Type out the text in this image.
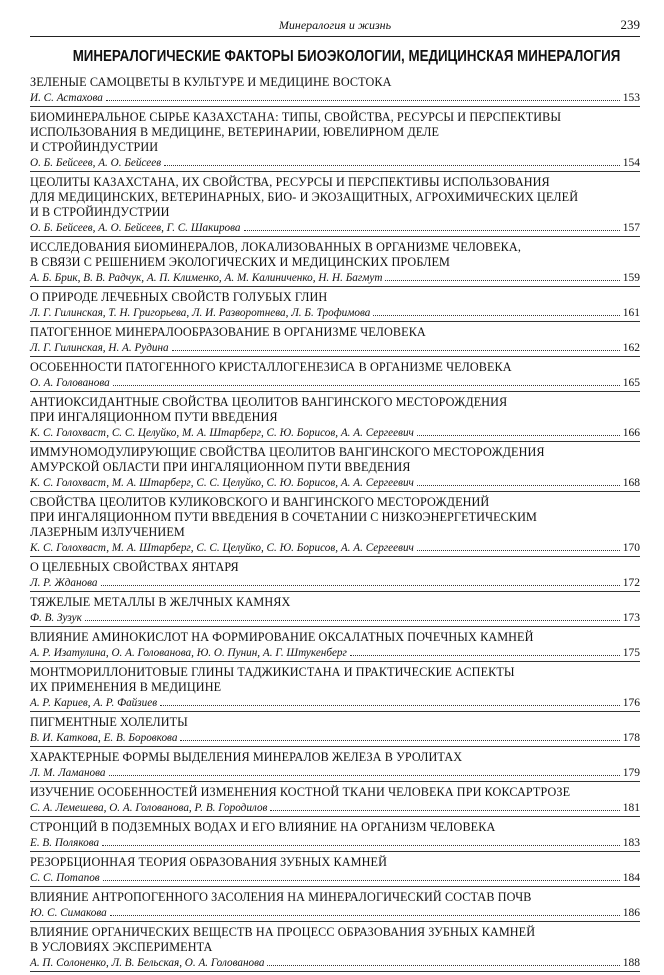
Минералогия и жизнь	239
МИНЕРАЛОГИЧЕСКИЕ ФАКТОРЫ БИОЭКОЛОГИИ, МЕДИЦИНСКАЯ МИНЕРАЛОГИЯ
ЗЕЛЕНЫЕ САМОЦВЕТЫ В КУЛЬТУРЕ И МЕДИЦИНЕ ВОСТОКА
И. С. Астахова	153
БИОМИНЕРАЛЬНОЕ СЫРЬЕ КАЗАХСТАНА: ТИПЫ, СВОЙСТВА, РЕСУРСЫ И ПЕРСПЕКТИВЫ
ИСПОЛЬЗОВАНИЯ В МЕДИЦИНЕ, ВЕТЕРИНАРИИ, ЮВЕЛИРНОМ ДЕЛЕ
И СТРОЙИНДУСТРИИ
О. Б. Бейсеев, А. О. Бейсеев	154
ЦЕОЛИТЫ КАЗАХСТАНА, ИХ СВОЙСТВА, РЕСУРСЫ И ПЕРСПЕКТИВЫ ИСПОЛЬЗОВАНИЯ
ДЛЯ МЕДИЦИНСКИХ, ВЕТЕРИНАРНЫХ, БИО- И ЭКОЗАЩИТНЫХ, АГРОХИМИЧЕСКИХ ЦЕЛЕЙ
И В СТРОЙИНДУСТРИИ
О. Б. Бейсеев, А. О. Бейсеев, Г. С. Шакирова	157
ИССЛЕДОВАНИЯ БИОМИНЕРАЛОВ, ЛОКАЛИЗОВАННЫХ В ОРГАНИЗМЕ ЧЕЛОВЕКА,
В СВЯЗИ С РЕШЕНИЕМ ЭКОЛОГИЧЕСКИХ И МЕДИЦИНСКИХ ПРОБЛЕМ
А. Б. Брик, В. В. Радчук, А. П. Клименко, А. М. Калиниченко, Н. Н. Багмут	159
О ПРИРОДЕ ЛЕЧЕБНЫХ СВОЙСТВ ГОЛУБЫХ ГЛИН
Л. Г. Гилинская, Т. Н. Григорьева, Л. И. Разворотнева, Л. Б. Трофимова	161
ПАТОГЕННОЕ МИНЕРАЛООБРАЗОВАНИЕ В ОРГАНИЗМЕ ЧЕЛОВЕКА
Л. Г. Гилинская, Н. А. Рудина	162
ОСОБЕННОСТИ ПАТОГЕННОГО КРИСТАЛЛОГЕНЕЗИСА В ОРГАНИЗМЕ ЧЕЛОВЕКА
О. А. Голованова	165
АНТИОКСИДАНТНЫЕ СВОЙСТВА ЦЕОЛИТОВ ВАНГИНСКОГО МЕСТОРОЖДЕНИЯ
ПРИ ИНГАЛЯЦИОННОМ ПУТИ ВВЕДЕНИЯ
К. С. Голохваст, С. С. Целуйко, М. А. Штарберг, С. Ю. Борисов, А. А. Сергеевич	166
ИММУНОМОДУЛИРУЮЩИЕ СВОЙСТВА ЦЕОЛИТОВ ВАНГИНСКОГО МЕСТОРОЖДЕНИЯ
АМУРСКОЙ ОБЛАСТИ ПРИ ИНГАЛЯЦИОННОМ ПУТИ ВВЕДЕНИЯ
К. С. Голохваст, М. А. Штарберг, С. С. Целуйко, С. Ю. Борисов, А. А. Сергеевич	168
СВОЙСТВА ЦЕОЛИТОВ КУЛИКОВСКОГО И ВАНГИНСКОГО МЕСТОРОЖДЕНИЙ
ПРИ ИНГАЛЯЦИОННОМ ПУТИ ВВЕДЕНИЯ В СОЧЕТАНИИ С НИЗКОЭНЕРГЕТИЧЕСКИМ
ЛАЗЕРНЫМ ИЗЛУЧЕНИЕМ
К. С. Голохваст, М. А. Штарберг, С. С. Целуйко, С. Ю. Борисов, А. А. Сергеевич	170
О ЦЕЛЕБНЫХ СВОЙСТВАХ ЯНТАРЯ
Л. Р. Жданова	172
ТЯЖЕЛЫЕ МЕТАЛЛЫ В ЖЕЛЧНЫХ КАМНЯХ
Ф. В. Зузук	173
ВЛИЯНИЕ АМИНОКИСЛОТ НА ФОРМИРОВАНИЕ ОКСАЛАТНЫХ ПОЧЕЧНЫХ КАМНЕЙ
А. Р. Изатулина, О. А. Голованова, Ю. О. Пунин, А. Г. Штукенберг	175
МОНТМОРИЛЛОНИТОВЫЕ ГЛИНЫ ТАДЖИКИСТАНА И ПРАКТИЧЕСКИЕ АСПЕКТЫ
ИХ ПРИМЕНЕНИЯ В МЕДИЦИНЕ
А. Р. Кариев, А. Р. Файзиев	176
ПИГМЕНТНЫЕ ХОЛЕЛИТЫ
В. И. Каткова, Е. В. Боровкова	178
ХАРАКТЕРНЫЕ ФОРМЫ ВЫДЕЛЕНИЯ МИНЕРАЛОВ ЖЕЛЕЗА В УРОЛИТАХ
Л. М. Ламанова	179
ИЗУЧЕНИЕ ОСОБЕННОСТЕЙ ИЗМЕНЕНИЯ КОСТНОЙ ТКАНИ ЧЕЛОВЕКА ПРИ КОКСАРТРОЗЕ
С. А. Лемешева, О. А. Голованова, Р. В. Городилов	181
СТРОНЦИЙ В ПОДЗЕМНЫХ ВОДАХ И ЕГО ВЛИЯНИЕ НА ОРГАНИЗМ ЧЕЛОВЕКА
Е. В. Полякова	183
РЕЗОРБЦИОННАЯ ТЕОРИЯ ОБРАЗОВАНИЯ ЗУБНЫХ КАМНЕЙ
С. С. Потапов	184
ВЛИЯНИЕ АНТРОПОГЕННОГО ЗАСОЛЕНИЯ НА МИНЕРАЛОГИЧЕСКИЙ СОСТАВ ПОЧВ
Ю. С. Симакова	186
ВЛИЯНИЕ ОРГАНИЧЕСКИХ ВЕЩЕСТВ НА ПРОЦЕСС ОБРАЗОВАНИЯ ЗУБНЫХ КАМНЕЙ
В УСЛОВИЯХ ЭКСПЕРИМЕНТА
А. П. Солоненко, Л. В. Бельская, О. А. Голованова	188
